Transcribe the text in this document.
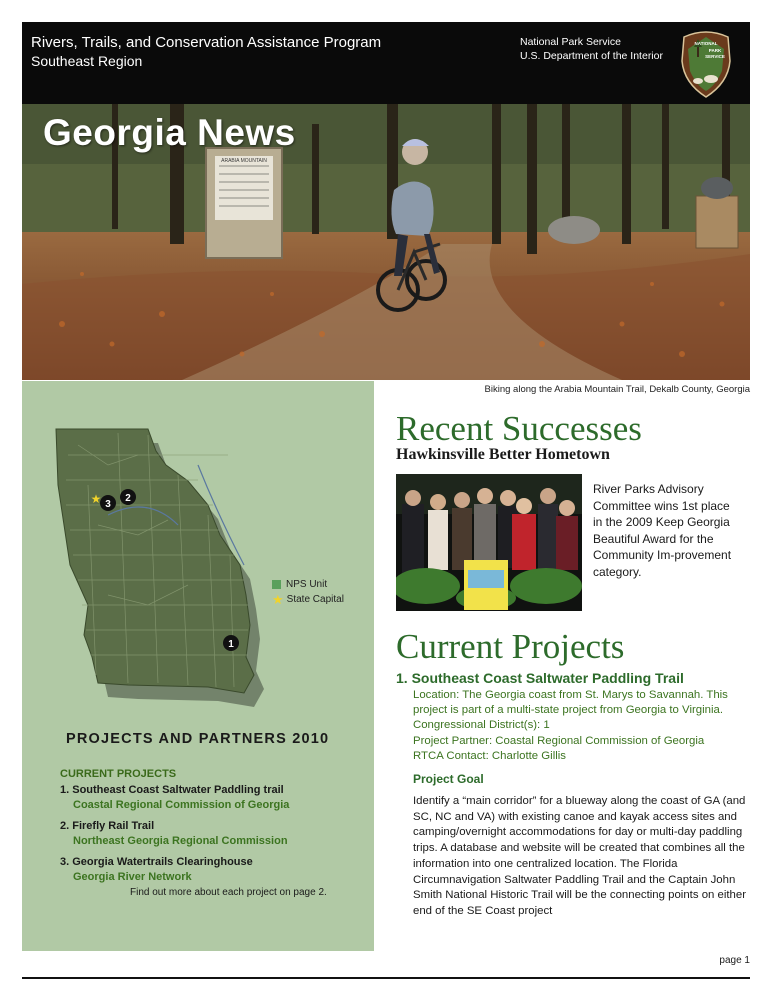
Rivers, Trails, and Conservation Assistance Program
Southeast Region
National Park Service
U.S. Department of the Interior
NATIONAL
PARK
SERVICE
ARABIA MOUNTAIN
Georgia News
Biking along the Arabia Mountain Trail, Dekalb County, Georgia
3
2
★
1
NPS Unit
★ State Capital
PROJECTS AND PARTNERS 2010
CURRENT PROJECTS
1. Southeast Coast Saltwater Paddling trail
Coastal Regional Commission of Georgia
2. Firefly Rail Trail
Northeast Georgia Regional Commission
3. Georgia Watertrails Clearinghouse
Georgia River Network
Find out more about each project on page 2.
Recent Successes
Hawkinsville Better Hometown
River Parks Advisory Committee wins 1st place in the 2009 Keep Georgia Beautiful Award for the Community Im-provement category.
Current Projects
1. Southeast Coast Saltwater Paddling Trail
Location: The Georgia coast from St. Marys to Savannah. This project is part of a multi-state project from Georgia to Virginia.
Congressional District(s): 1
Project Partner: Coastal Regional Commission of Georgia
RTCA Contact: Charlotte Gillis
Project Goal
Identify a “main corridor” for a blueway along the coast of GA (and SC, NC and VA) with existing canoe and kayak access sites and camping/overnight accommodations for day or multi-day paddling trips. A database and website will be created that combines all the information into one centralized location. The Florida Circumnavigation Saltwater Paddling Trail and the Captain John Smith National Historic Trail will be the connecting points on either end of the SE Coast project
page 1
